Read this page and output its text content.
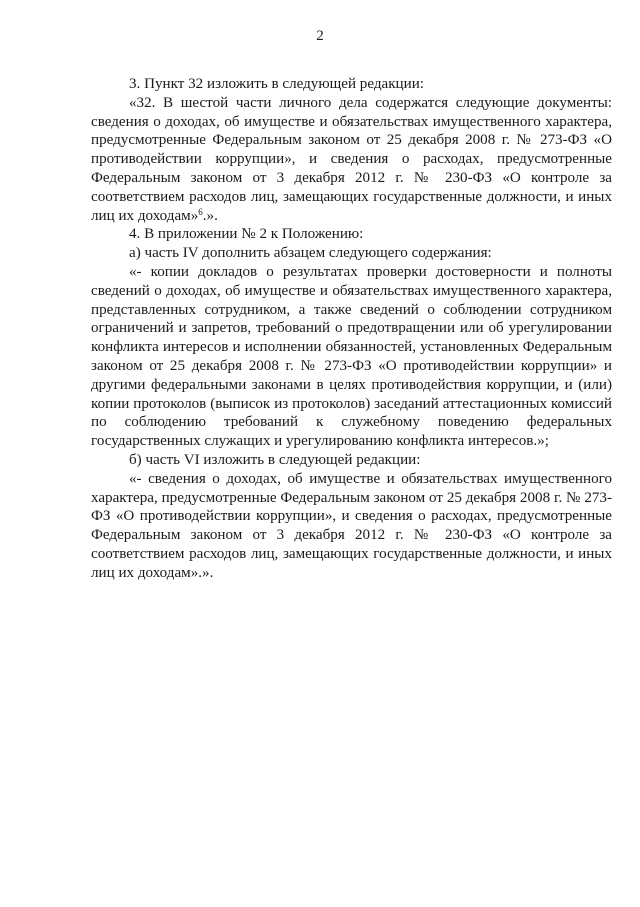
2

3. Пункт 32 изложить в следующей редакции:

«32. В шестой части личного дела содержатся следующие документы: сведения о доходах, об имуществе и обязательствах имущественного характера, предусмотренные Федеральным законом от 25 декабря 2008 г. № 273-ФЗ «О противодействии коррупции», и сведения о расходах, предусмотренные Федеральным законом от 3 декабря 2012 г. № 230-ФЗ «О контроле за соответствием расходов лиц, замещающих государственные должности, и иных лиц их доходам»$^6$.».

4. В приложении № 2 к Положению:

а) часть IV дополнить абзацем следующего содержания:

«- копии докладов о результатах проверки достоверности и полноты сведений о доходах, об имуществе и обязательствах имущественного характера, представленных сотрудником, а также сведений о соблюдении сотрудником ограничений и запретов, требований о предотвращении или об урегулировании конфликта интересов и исполнении обязанностей, установленных Федеральным законом от 25 декабря 2008 г. № 273-ФЗ «О противодействии коррупции» и другими федеральными законами в целях противодействия коррупции, и (или) копии протоколов (выписок из протоколов) заседаний аттестационных комиссий по соблюдению требований к служебному поведению федеральных государственных служащих и урегулированию конфликта интересов.»;

б) часть VI изложить в следующей редакции:

«- сведения о доходах, об имуществе и обязательствах имущественного характера, предусмотренные Федеральным законом от 25 декабря 2008 г. № 273-ФЗ «О противодействии коррупции», и сведения о расходах, предусмотренные Федеральным законом от 3 декабря 2012 г. № 230-ФЗ «О контроле за соответствием расходов лиц, замещающих государственные должности, и иных лиц их доходам».».
